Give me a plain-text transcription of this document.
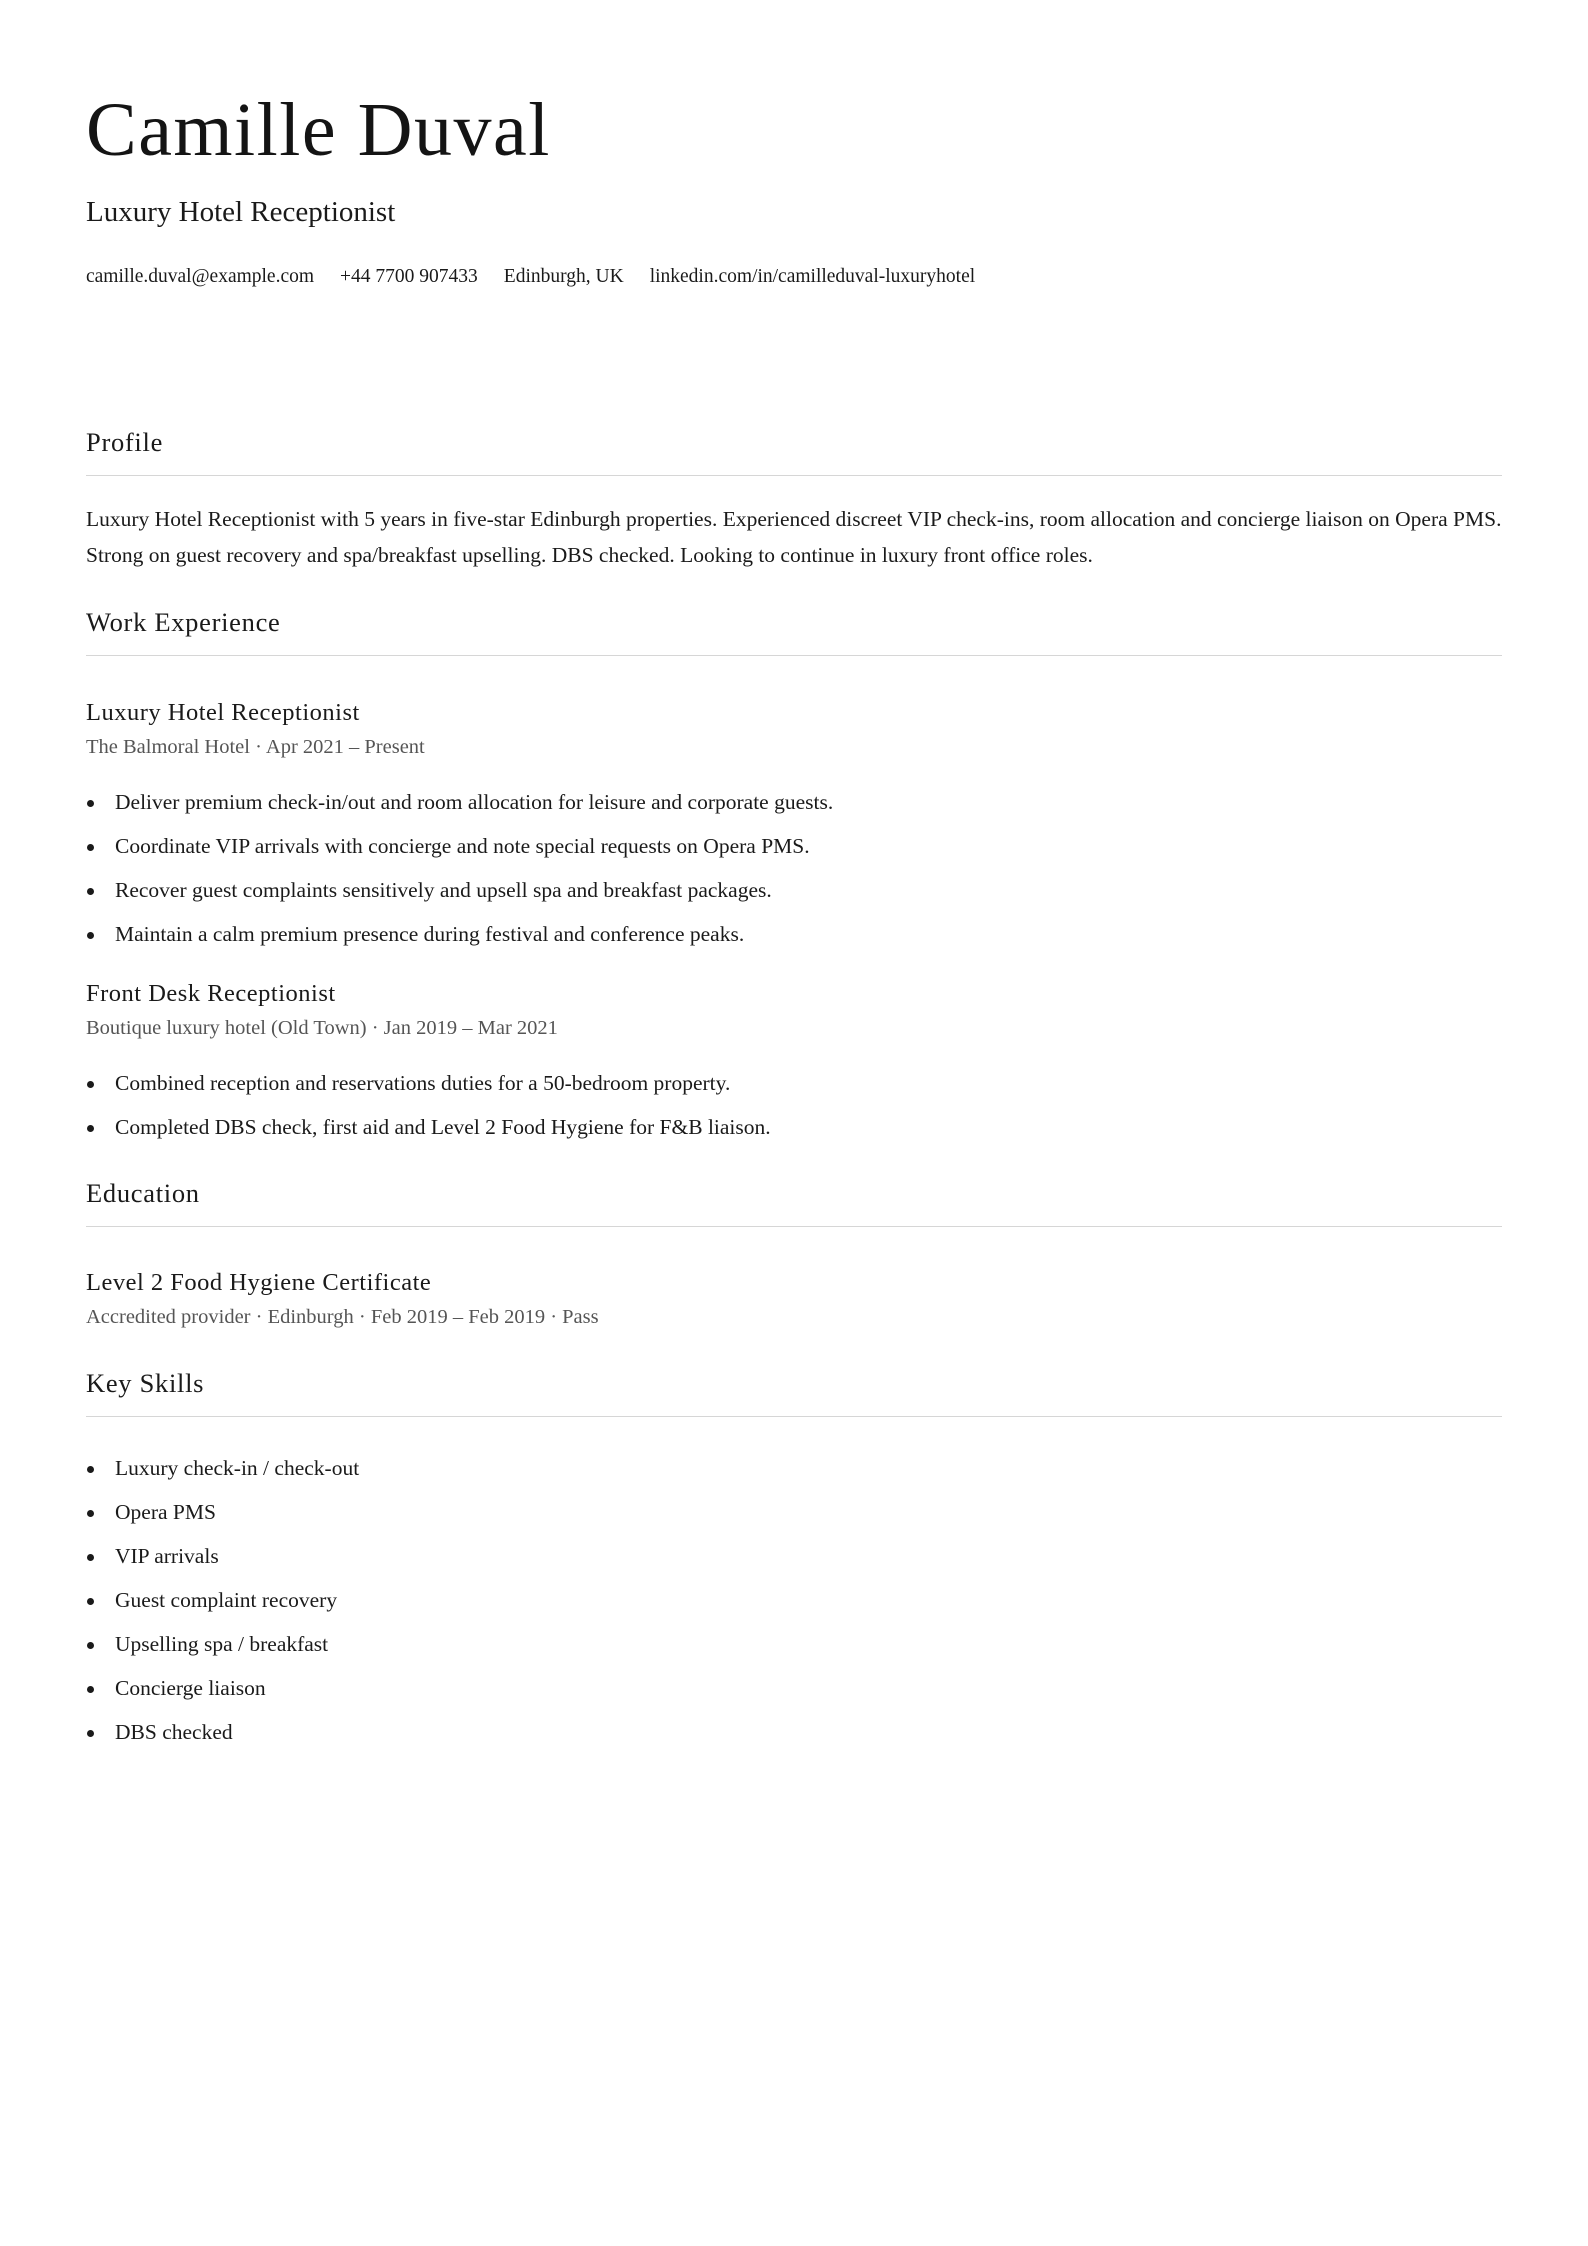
Camille Duval
Luxury Hotel Receptionist
camille.duval@example.com +44 7700 907433 Edinburgh, UK linkedin.com/in/camilleduval-luxuryhotel
Profile

Luxury Hotel Receptionist with 5 years in five-star Edinburgh properties. Experienced discreet VIP check-ins, room allocation and concierge liaison on Opera PMS. Strong on guest recovery and spa/breakfast upselling. DBS checked. Looking to continue in luxury front office roles.

Work Experience
Luxury Hotel Receptionist

The Balmoral Hotel · Apr 2021 – Present

Deliver premium check-in/out and room allocation for leisure and corporate guests.
Coordinate VIP arrivals with concierge and note special requests on Opera PMS.
Recover guest complaints sensitively and upsell spa and breakfast packages.
Maintain a calm premium presence during festival and conference peaks.
Front Desk Receptionist

Boutique luxury hotel (Old Town) · Jan 2019 – Mar 2021

Combined reception and reservations duties for a 50-bedroom property.
Completed DBS check, first aid and Level 2 Food Hygiene for F&B liaison.
Education
Level 2 Food Hygiene Certificate

Accredited provider · Edinburgh · Feb 2019 – Feb 2019 · Pass

Key Skills
Luxury check-in / check-out
Opera PMS
VIP arrivals
Guest complaint recovery
Upselling spa / breakfast
Concierge liaison
DBS checked
